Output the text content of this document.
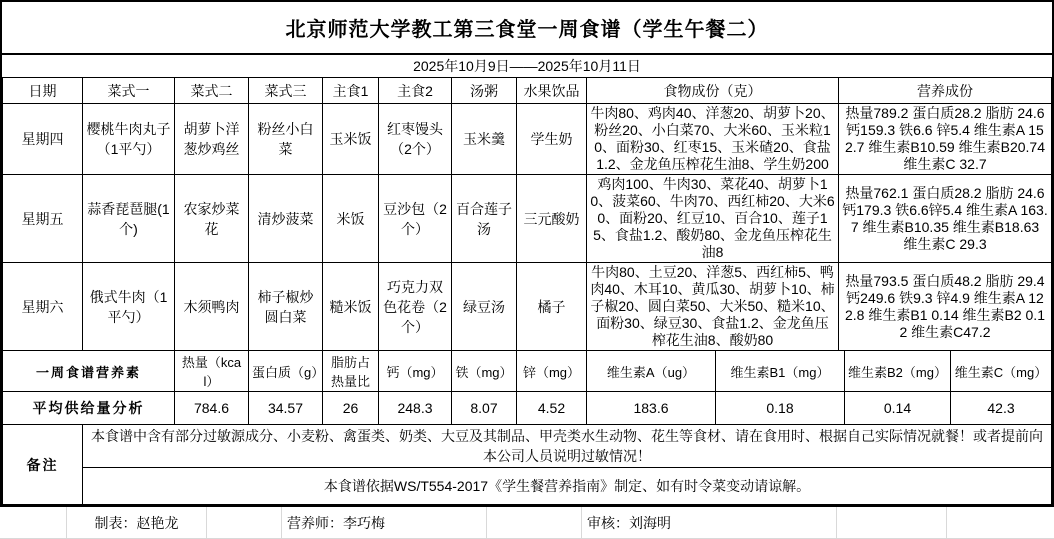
北京师范大学教工第三食堂一周食谱（学生午餐二）
2025年10月9日——2025年10月11日
日期	菜式一	菜式二	菜式三	主食1	主食2	汤粥	水果饮品	食物成份（克）	营养成份
星期四	樱桃牛肉丸子（1平勺）	胡萝卜洋葱炒鸡丝	粉丝小白菜	玉米饭	红枣馒头（2个）	玉米羹	学生奶	牛肉80、鸡肉40、洋葱20、胡萝卜20、粉丝20、小白菜70、大米60、玉米粒10、面粉30、红枣15、玉米碴20、食盐1.2、金龙鱼压榨花生油8、学生奶200	热量789.2 蛋白质28.2 脂肪 24.6 钙159.3 铁6.6 锌5.4 维生素A 152.7 维生素B10.59 维生素B20.74 维生素C 32.7
星期五	蒜香琵琶腿(1个)	农家炒菜花	清炒菠菜	米饭	豆沙包（2个）	百合莲子汤	三元酸奶	鸡肉100、牛肉30、菜花40、胡萝卜10、菠菜60、牛肉70、西红柿20、大米60、面粉20、红豆10、百合10、莲子15、食盐1.2、酸奶80、金龙鱼压榨花生油8	热量762.1 蛋白质28.2 脂肪 24.6钙179.3 铁6.6锌5.4 维生素A 163.7 维生素B10.35 维生素B18.63 维生素C 29.3
星期六	俄式牛肉（1平勺）	木须鸭肉	柿子椒炒圆白菜	糙米饭	巧克力双色花卷（2个）	绿豆汤	橘子	牛肉80、土豆20、洋葱5、西红柿5、鸭肉40、木耳10、黄瓜30、胡萝卜10、柿子椒20、圆白菜50、大米50、糙米10、面粉30、绿豆30、食盐1.2、金龙鱼压榨花生油8、酸奶80	热量793.5 蛋白质48.2 脂肪 29.4 钙249.6 铁9.3 锌4.9 维生素A 122.8 维生素B1 0.14 维生素B2 0.12 维生素C47.2
一周食谱营养素	热量（kcal）	蛋白质（g）	脂肪占热量比	钙（mg）	铁（mg）	锌（mg）	维生素A（ug）	维生素B1（mg）	维生素B2（mg）	维生素C（mg）
平均供给量分析	784.6	34.57	26	248.3	8.07	4.52	183.6	0.18	0.14	42.3
备注	本食谱中含有部分过敏源成分、小麦粉、禽蛋类、奶类、大豆及其制品、甲壳类水生动物、花生等食材、请在食用时、根据自己实际情况就餐！或者提前向本公司人员说明过敏情况！
本食谱依据WS/T554-2017《学生餐营养指南》制定、如有时令菜变动请谅解。
制表：赵艳龙	营养师：李巧梅	审核：刘海明
